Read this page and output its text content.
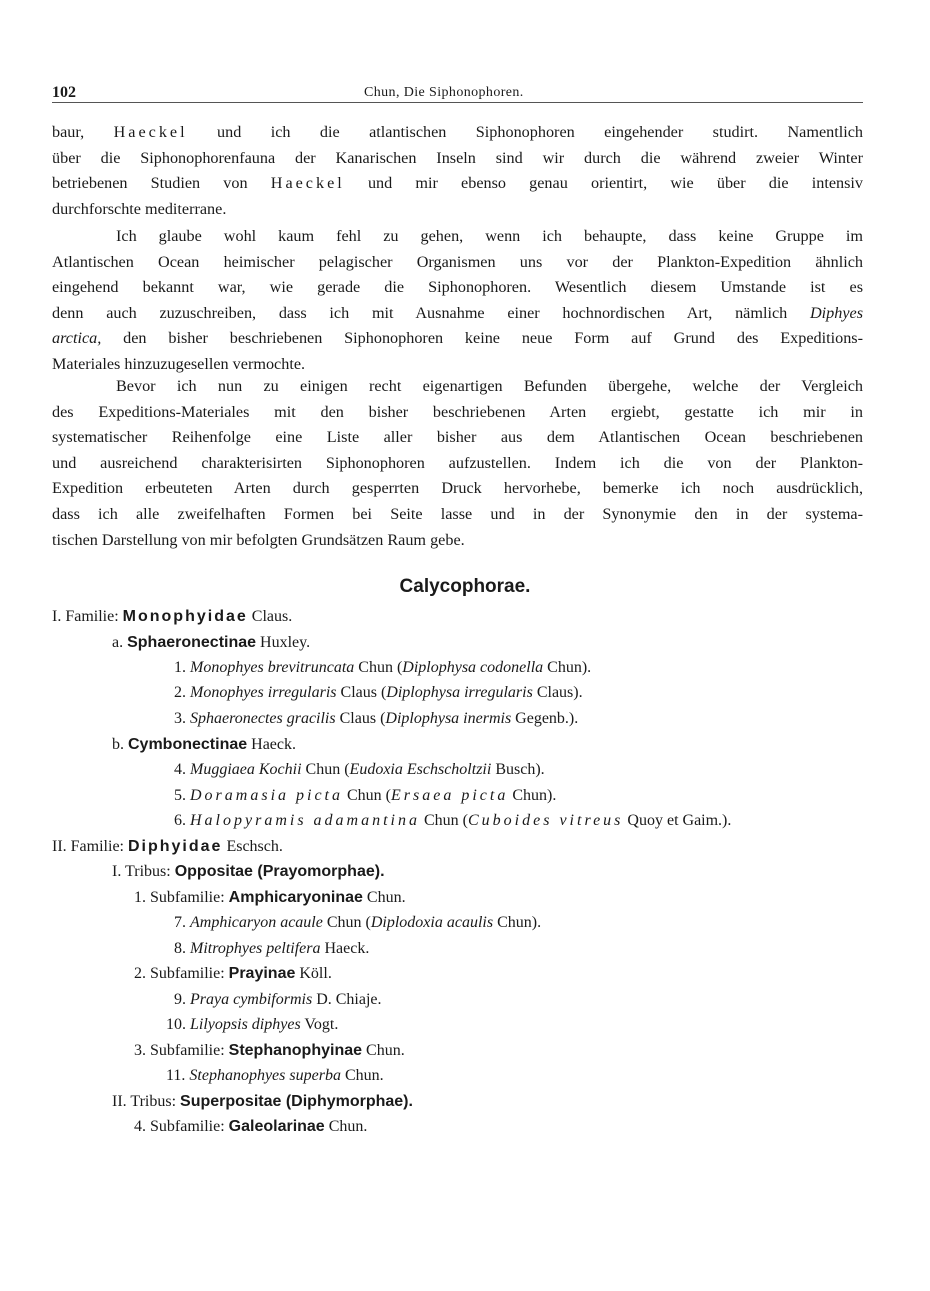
102	Chun, Die Siphonophoren.
baur, Haeckel und ich die atlantischen Siphonophoren eingehender studirt. Namentlich
über die Siphonophorenfauna der Kanarischen Inseln sind wir durch die während zweier Winter
betriebenen Studien von Haeckel und mir ebenso genau orientirt, wie über die intensiv
durchforschte mediterrane.
Ich glaube wohl kaum fehl zu gehen, wenn ich behaupte, dass keine Gruppe im
Atlantischen Ocean heimischer pelagischer Organismen uns vor der Plankton-Expedition ähnlich
eingehend bekannt war, wie gerade die Siphonophoren. Wesentlich diesem Umstande ist es
denn auch zuzuschreiben, dass ich mit Ausnahme einer hochnordischen Art, nämlich Diphyes
arctica, den bisher beschriebenen Siphonophoren keine neue Form auf Grund des Expeditions-
Materiales hinzuzugesellen vermochte.
Bevor ich nun zu einigen recht eigenartigen Befunden übergehe, welche der Vergleich
des Expeditions-Materiales mit den bisher beschriebenen Arten ergiebt, gestatte ich mir in
systematischer Reihenfolge eine Liste aller bisher aus dem Atlantischen Ocean beschriebenen
und ausreichend charakterisirten Siphonophoren aufzustellen. Indem ich die von der Plankton-
Expedition erbeuteten Arten durch gesperrten Druck hervorhebe, bemerke ich noch ausdrücklich,
dass ich alle zweifelhaften Formen bei Seite lasse und in der Synonymie den in der systema-
tischen Darstellung von mir befolgten Grundsätzen Raum gebe.
Calycophorae.
I. Familie: Monophyidae Claus.
a. Sphaeronectinae Huxley.
1. Monophyes brevitruncata Chun (Diplophysa codonella Chun).
2. Monophyes irregularis Claus (Diplophysa irregularis Claus).
3. Sphaeronectes gracilis Claus (Diplophysa inermis Gegenb.).
b. Cymbonectinae Haeck.
4. Muggiaea Kochii Chun (Eudoxia Eschscholtzii Busch).
5. Doramasia picta Chun (Ersaea picta Chun).
6. Halopyramis adamantina Chun (Cuboides vitreus Quoy et Gaim.).
II. Familie: Diphyidae Eschsch.
I. Tribus: Oppositae (Prayomorphae).
1. Subfamilie: Amphicaryoninae Chun.
7. Amphicaryon acaule Chun (Diplodoxia acaulis Chun).
8. Mitrophyes peltifera Haeck.
2. Subfamilie: Prayinae Köll.
9. Praya cymbiformis D. Chiaje.
10. Lilyopsis diphyes Vogt.
3. Subfamilie: Stephanophyinae Chun.
11. Stephanophyes superba Chun.
II. Tribus: Superpositae (Diphymorphae).
4. Subfamilie: Galeolarinae Chun.
